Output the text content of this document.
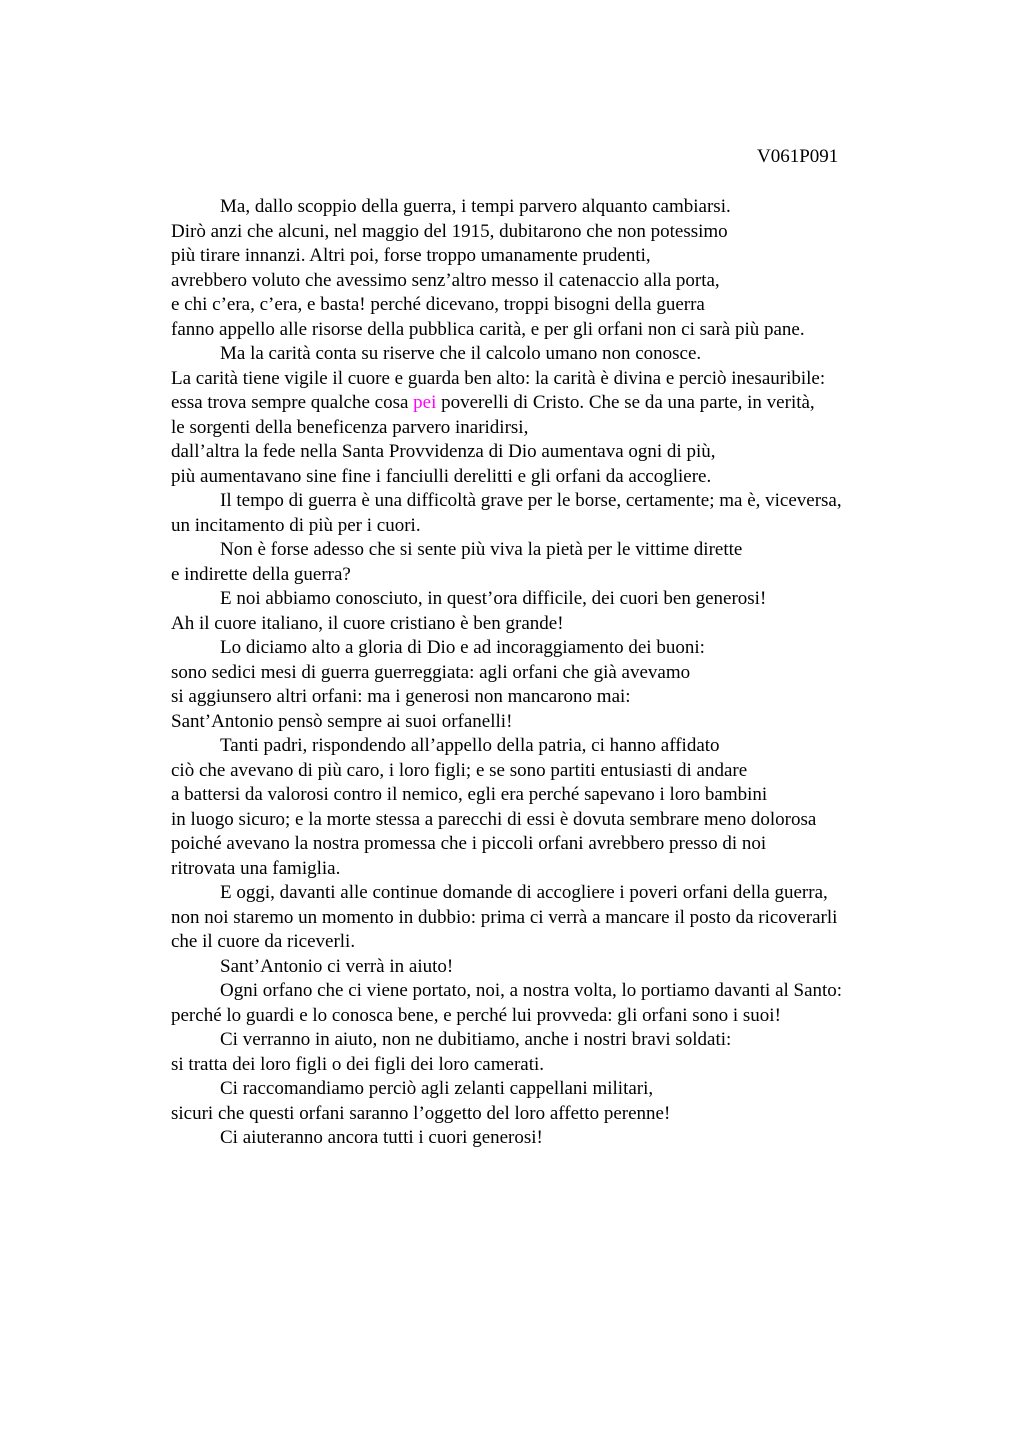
V061P091
Ma, dallo scoppio della guerra, i tempi parvero alquanto cambiarsi.
Dirò anzi che alcuni, nel maggio del 1915, dubitarono che non potessimo
più tirare innanzi. Altri poi, forse troppo umanamente prudenti,
avrebbero voluto che avessimo senz’altro messo il catenaccio alla porta,
e chi c’era, c’era, e basta! perché dicevano, troppi bisogni della guerra
fanno appello alle risorse della pubblica carità, e per gli orfani non ci sarà più pane.
Ma la carità conta su riserve che il calcolo umano non conosce.
La carità tiene vigile il cuore e guarda ben alto: la carità è divina e perciò inesauribile:
essa trova sempre qualche cosa pei poverelli di Cristo. Che se da una parte, in verità,
le sorgenti della beneficenza parvero inaridirsi,
dall’altra la fede nella Santa Provvidenza di Dio aumentava ogni di più,
più aumentavano sine fine i fanciulli derelitti e gli orfani da accogliere.
Il tempo di guerra è una difficoltà grave per le borse, certamente; ma è, viceversa,
un incitamento di più per i cuori.
Non è forse adesso che si sente più viva la pietà per le vittime dirette
e indirette della guerra?
E noi abbiamo conosciuto, in quest’ora difficile, dei cuori ben generosi!
Ah il cuore italiano, il cuore cristiano è ben grande!
Lo diciamo alto a gloria di Dio e ad incoraggiamento dei buoni:
sono sedici mesi di guerra guerreggiata: agli orfani che già avevamo
si aggiunsero altri orfani: ma i generosi non mancarono mai:
Sant’Antonio pensò sempre ai suoi orfanelli!
Tanti padri, rispondendo all’appello della patria, ci hanno affidato
ciò che avevano di più caro, i loro figli; e se sono partiti entusiasti di andare
a battersi da valorosi contro il nemico, egli era perché sapevano i loro bambini
in luogo sicuro; e la morte stessa a parecchi di essi è dovuta sembrare meno dolorosa
poiché avevano la nostra promessa che i piccoli orfani avrebbero presso di noi
ritrovata una famiglia.
E oggi, davanti alle continue domande di accogliere i poveri orfani della guerra,
non noi staremo un momento in dubbio: prima ci verrà a mancare il posto da ricoverarli
che il cuore da riceverli.
Sant’Antonio ci verrà in aiuto!
Ogni orfano che ci viene portato, noi, a nostra volta, lo portiamo davanti al Santo:
perché lo guardi e lo conosca bene, e perché lui provveda: gli orfani sono i suoi!
Ci verranno in aiuto, non ne dubitiamo, anche i nostri bravi soldati:
si tratta dei loro figli o dei figli dei loro camerati.
Ci raccomandiamo perciò agli zelanti cappellani militari,
sicuri che questi orfani saranno l’oggetto del loro affetto perenne!
Ci aiuteranno ancora tutti i cuori generosi!
